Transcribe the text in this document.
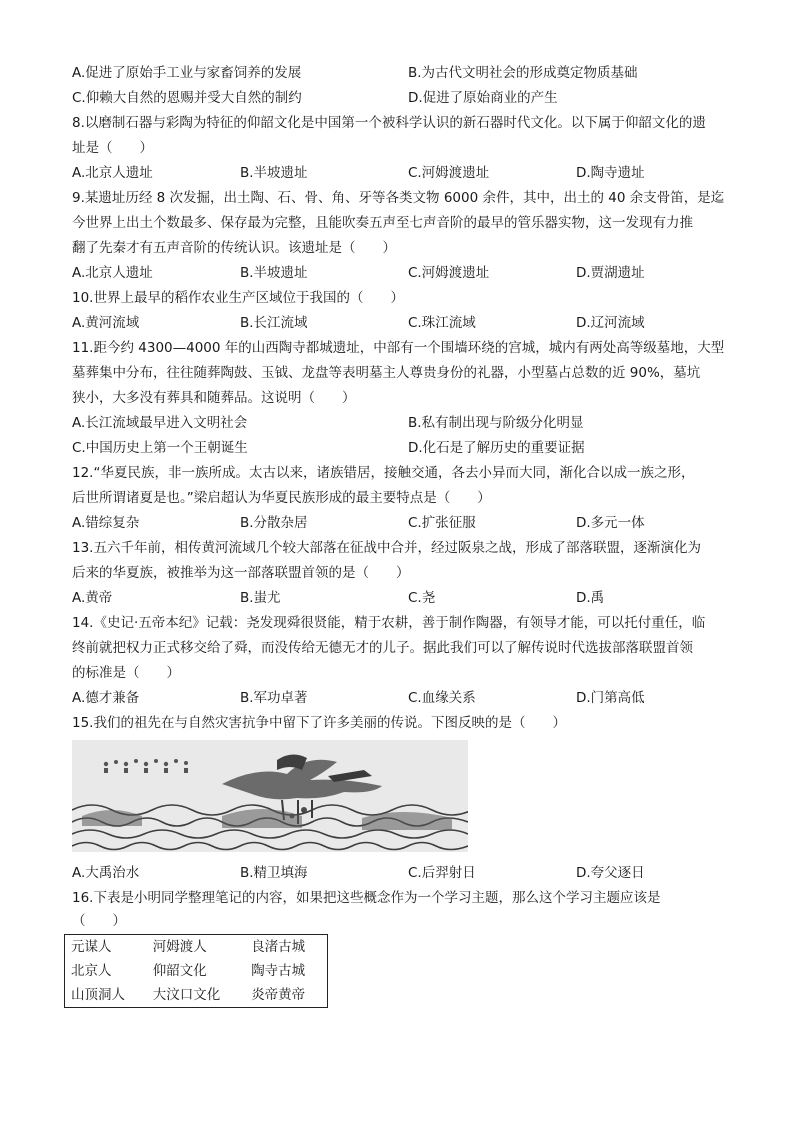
A.促进了原始手工业与家畜饲养的发展	B.为古代文明社会的形成奠定物质基础
C.仰赖大自然的恩赐并受大自然的制约	D.促进了原始商业的产生
8.以磨制石器与彩陶为特征的仰韶文化是中国第一个被科学认识的新石器时代文化。以下属于仰韶文化的遗
址是（　　）
A.北京人遗址	B.半坡遗址	C.河姆渡遗址	D.陶寺遗址
9.某遗址历经 8 次发掘，出土陶、石、骨、角、牙等各类文物 6000 余件，其中，出土的 40 余支骨笛，是迄
今世界上出土个数最多、保存最为完整，且能吹奏五声至七声音阶的最早的管乐器实物，这一发现有力推
翻了先秦才有五声音阶的传统认识。该遗址是（　　）
A.北京人遗址	B.半坡遗址	C.河姆渡遗址	D.贾湖遗址
10.世界上最早的稻作农业生产区域位于我国的（　　）
A.黄河流域	B.长江流域	C.珠江流域	D.辽河流域
11.距今约 4300—4000 年的山西陶寺都城遗址，中部有一个围墙环绕的宫城，城内有两处高等级墓地，大型
墓葬集中分布，往往随葬陶鼓、玉钺、龙盘等表明墓主人尊贵身份的礼器，小型墓占总数的近 90%，墓坑
狭小，大多没有葬具和随葬品。这说明（　　）
A.长江流域最早进入文明社会	B.私有制出现与阶级分化明显
C.中国历史上第一个王朝诞生	D.化石是了解历史的重要证据
12.“华夏民族，非一族所成。太古以来，诸族错居，接触交通，各去小异而大同，渐化合以成一族之形，
后世所谓诸夏是也。”梁启超认为华夏民族形成的最主要特点是（　　）
A.错综复杂	B.分散杂居	C.扩张征服	D.多元一体
13.五六千年前，相传黄河流域几个较大部落在征战中合并，经过阪泉之战，形成了部落联盟，逐渐演化为
后来的华夏族，被推举为这一部落联盟首领的是（　　）
A.黄帝	B.蚩尤	C.尧	D.禹
14.《史记·五帝本纪》记载：尧发现舜很贤能，精于农耕，善于制作陶器，有领导才能，可以托付重任，临
终前就把权力正式移交给了舜，而没传给无德无才的儿子。据此我们可以了解传说时代选拔部落联盟首领
的标准是（　　）
A.德才兼备	B.军功卓著	C.血缘关系	D.门第高低
15.我们的祖先在与自然灾害抗争中留下了许多美丽的传说。下图反映的是（　　）
A.大禹治水	B.精卫填海	C.后羿射日	D.夸父逐日
16.下表是小明同学整理笔记的内容，如果把这些概念作为一个学习主题，那么这个学习主题应该是
（　　）
元谋人	河姆渡人	良渚古城
北京人	仰韶文化	陶寺古城
山顶洞人	大汶口文化	炎帝黄帝
